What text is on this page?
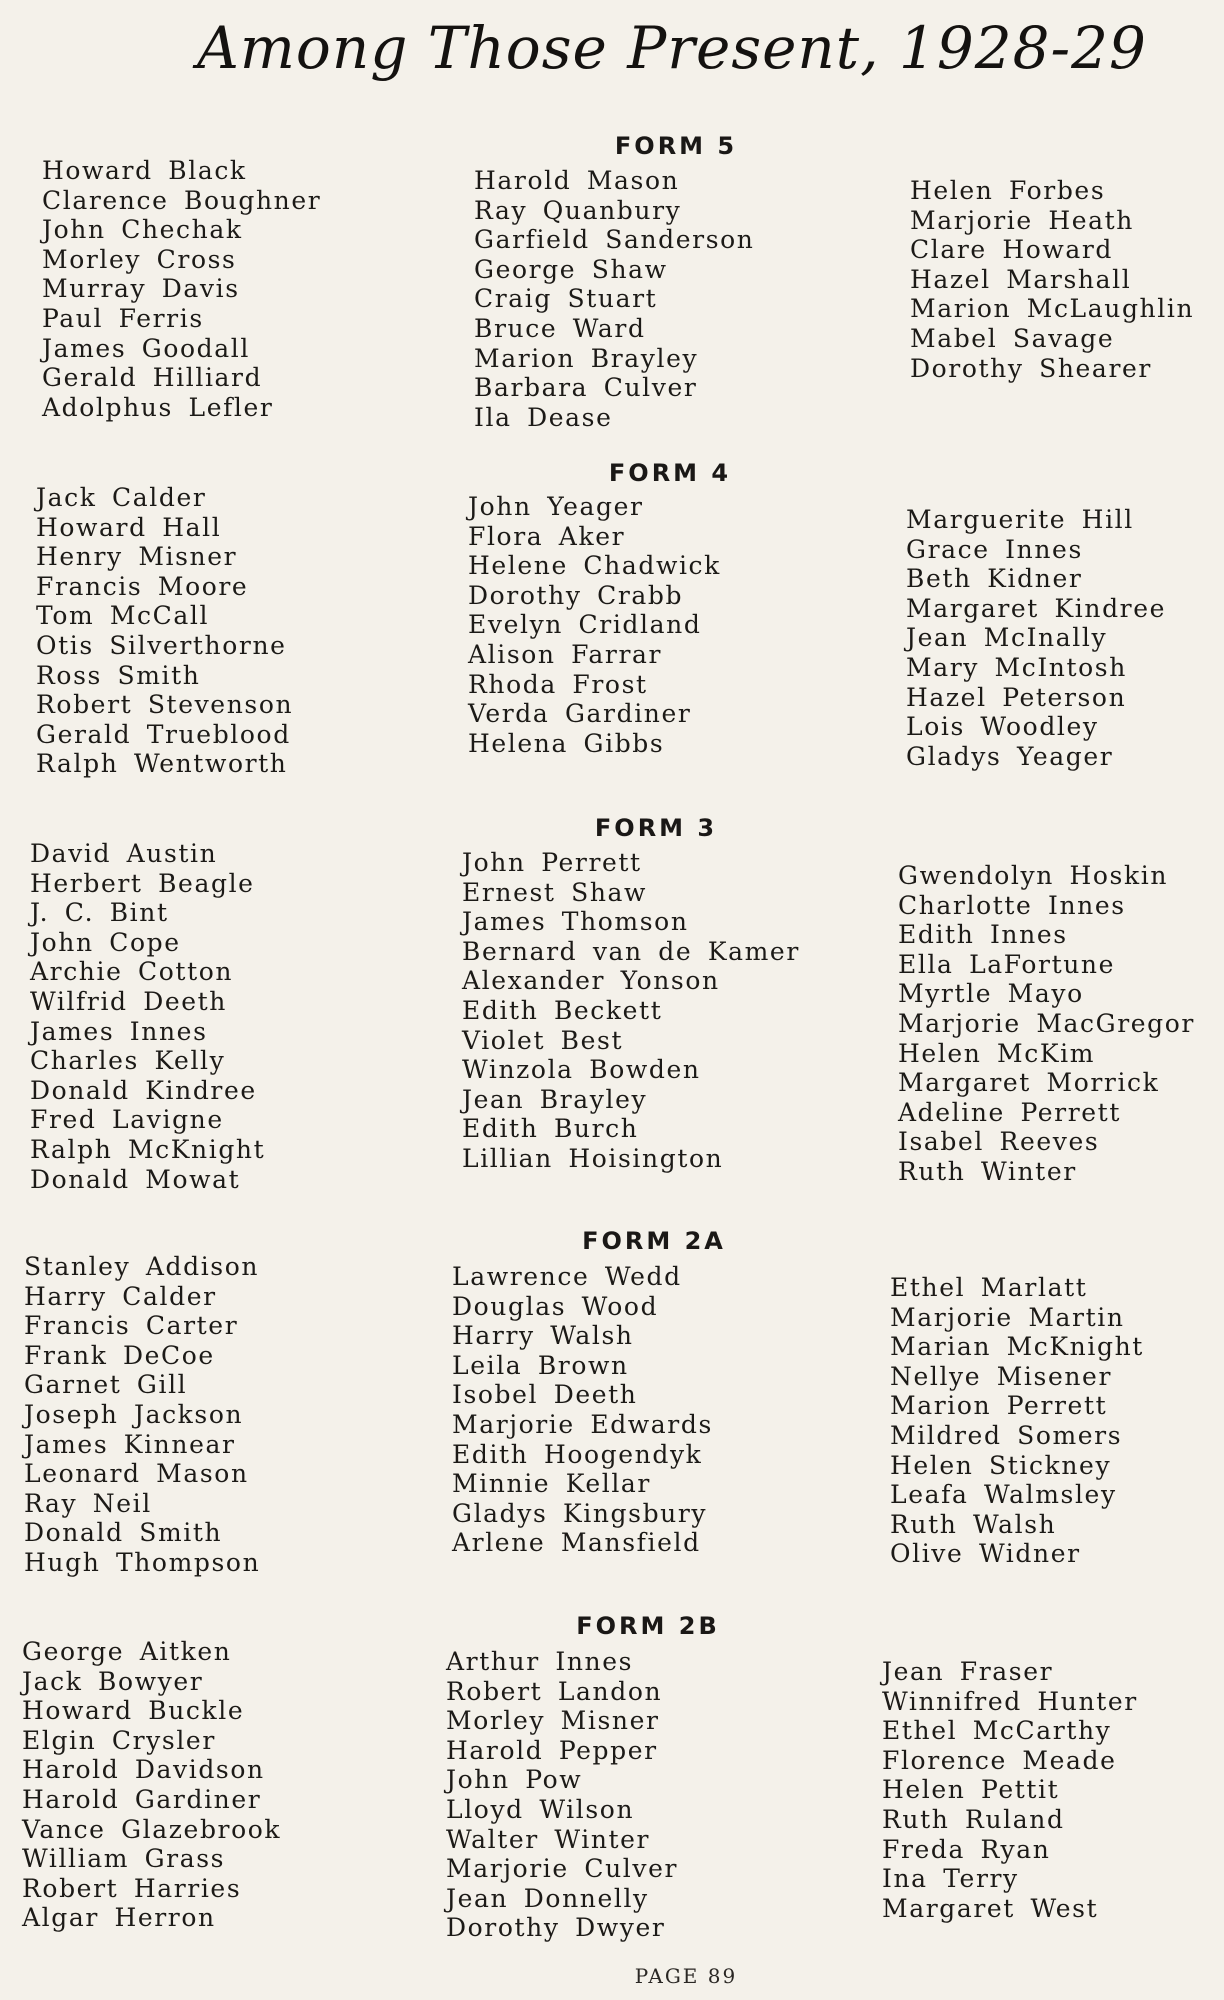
Among Those Present, 1928-29
FORM 5
Howard Black
Clarence Boughner
John Chechak
Morley Cross
Murray Davis
Paul Ferris
James Goodall
Gerald Hilliard
Adolphus Lefler
Harold Mason
Ray Quanbury
Garfield Sanderson
George Shaw
Craig Stuart
Bruce Ward
Marion Brayley
Barbara Culver
Ila Dease
Helen Forbes
Marjorie Heath
Clare Howard
Hazel Marshall
Marion McLaughlin
Mabel Savage
Dorothy Shearer
FORM 4
Jack Calder
Howard Hall
Henry Misner
Francis Moore
Tom McCall
Otis Silverthorne
Ross Smith
Robert Stevenson
Gerald Trueblood
Ralph Wentworth
John Yeager
Flora Aker
Helene Chadwick
Dorothy Crabb
Evelyn Cridland
Alison Farrar
Rhoda Frost
Verda Gardiner
Helena Gibbs
Marguerite Hill
Grace Innes
Beth Kidner
Margaret Kindree
Jean McInally
Mary McIntosh
Hazel Peterson
Lois Woodley
Gladys Yeager
FORM 3
David Austin
Herbert Beagle
J. C. Bint
John Cope
Archie Cotton
Wilfrid Deeth
James Innes
Charles Kelly
Donald Kindree
Fred Lavigne
Ralph McKnight
Donald Mowat
John Perrett
Ernest Shaw
James Thomson
Bernard van de Kamer
Alexander Yonson
Edith Beckett
Violet Best
Winzola Bowden
Jean Brayley
Edith Burch
Lillian Hoisington
Gwendolyn Hoskin
Charlotte Innes
Edith Innes
Ella LaFortune
Myrtle Mayo
Marjorie MacGregor
Helen McKim
Margaret Morrick
Adeline Perrett
Isabel Reeves
Ruth Winter
FORM 2A
Stanley Addison
Harry Calder
Francis Carter
Frank DeCoe
Garnet Gill
Joseph Jackson
James Kinnear
Leonard Mason
Ray Neil
Donald Smith
Hugh Thompson
Lawrence Wedd
Douglas Wood
Harry Walsh
Leila Brown
Isobel Deeth
Marjorie Edwards
Edith Hoogendyk
Minnie Kellar
Gladys Kingsbury
Arlene Mansfield
Ethel Marlatt
Marjorie Martin
Marian McKnight
Nellye Misener
Marion Perrett
Mildred Somers
Helen Stickney
Leafa Walmsley
Ruth Walsh
Olive Widner
FORM 2B
George Aitken
Jack Bowyer
Howard Buckle
Elgin Crysler
Harold Davidson
Harold Gardiner
Vance Glazebrook
William Grass
Robert Harries
Algar Herron
Arthur Innes
Robert Landon
Morley Misner
Harold Pepper
John Pow
Lloyd Wilson
Walter Winter
Marjorie Culver
Jean Donnelly
Dorothy Dwyer
Jean Fraser
Winnifred Hunter
Ethel McCarthy
Florence Meade
Helen Pettit
Ruth Ruland
Freda Ryan
Ina Terry
Margaret West
PAGE 89
